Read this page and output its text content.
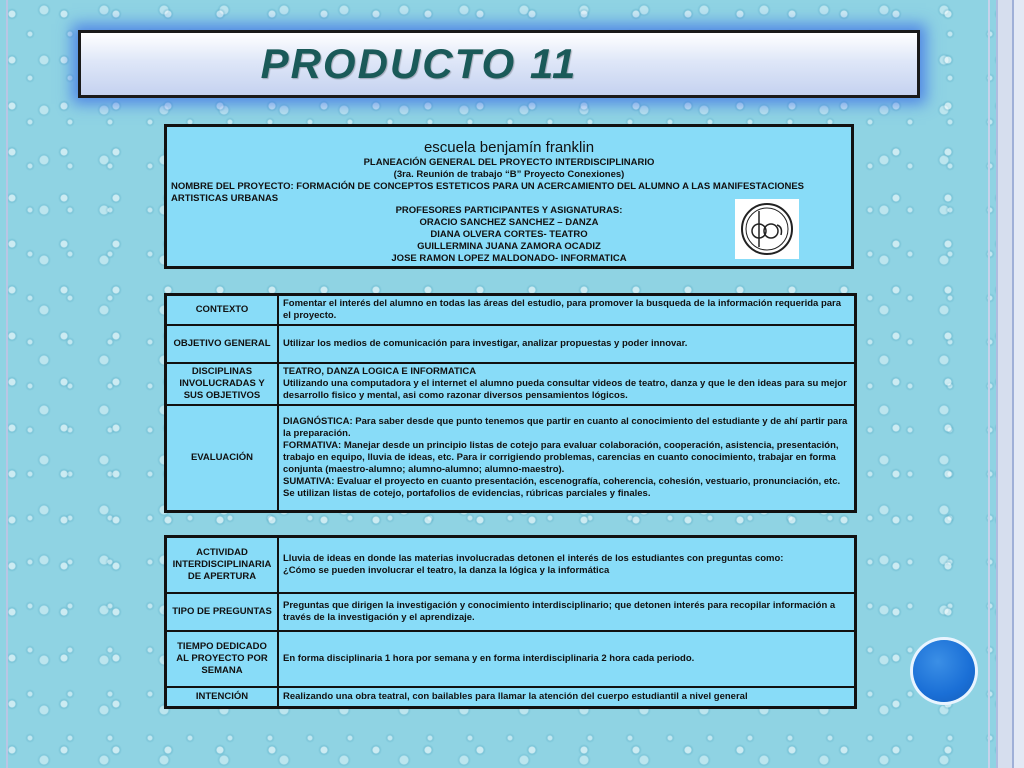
PRODUCTO 11
escuela benjamín franklin
PLANEACIÓN GENERAL DEL PROYECTO INTERDISCIPLINARIO
(3ra. Reunión de trabajo “B” Proyecto Conexiones)
NOMBRE DEL PROYECTO: FORMACIÓN DE CONCEPTOS ESTETICOS PARA UN ACERCAMIENTO DEL ALUMNO A LAS MANIFESTACIONES ARTISTICAS URBANAS
PROFESORES PARTICIPANTES Y ASIGNATURAS:
ORACIO SANCHEZ SANCHEZ – DANZA
DIANA OLVERA CORTES- TEATRO
GUILLERMINA JUANA ZAMORA OCADIZ
JOSE RAMON LOPEZ MALDONADO- INFORMATICA
CONTEXTO	Fomentar el interés del alumno en todas las áreas del estudio, para promover la busqueda de la información requerida para el proyecto.

OBJETIVO GENERAL	Utilizar los medios de comunicación para investigar, analizar propuestas y poder innovar.

DISCIPLINAS INVOLUCRADAS Y SUS OBJETIVOS	TEATRO, DANZA LOGICA E INFORMATICA
Utilizando una computadora y el internet el alumno pueda consultar videos de teatro, danza y que le den ideas para su mejor desarrollo fisico y mental, asi como razonar diversos pensamientos lógicos.

EVALUACIÓN	DIAGNÓSTICA: Para saber desde que punto tenemos que partir en cuanto al conocimiento del estudiante y de ahí partir para la preparación.
FORMATIVA: Manejar desde un principio listas de cotejo para evaluar colaboración, cooperación, asistencia, presentación, trabajo en equipo, lluvia de ideas, etc. Para ir corrigiendo problemas, carencias en cuanto conocimiento, trabajar en forma conjunta (maestro-alumno; alumno-alumno; alumno-maestro).
SUMATIVA: Evaluar el proyecto en cuanto presentación, escenografía, coherencia, cohesión, vestuario, pronunciación, etc.
Se utilizan listas de cotejo, portafolios de evidencias, rúbricas parciales y finales.
ACTIVIDAD INTERDISCIPLINARIA DE APERTURA	Lluvia de ideas en donde las materias involucradas detonen el interés de los estudiantes con preguntas como:
¿Cómo se pueden involucrar el teatro, la danza la lógica y la informática

TIPO DE PREGUNTAS	Preguntas que dirigen la investigación y conocimiento interdisciplinario; que detonen interés para recopilar información a través de la investigación y el aprendizaje.

TIEMPO DEDICADO AL PROYECTO POR SEMANA	En forma disciplinaria 1 hora por semana y en forma interdisciplinaria 2 hora cada periodo.

INTENCIÓN	Realizando una obra teatral, con bailables para llamar la atención del cuerpo estudiantil a nivel general
